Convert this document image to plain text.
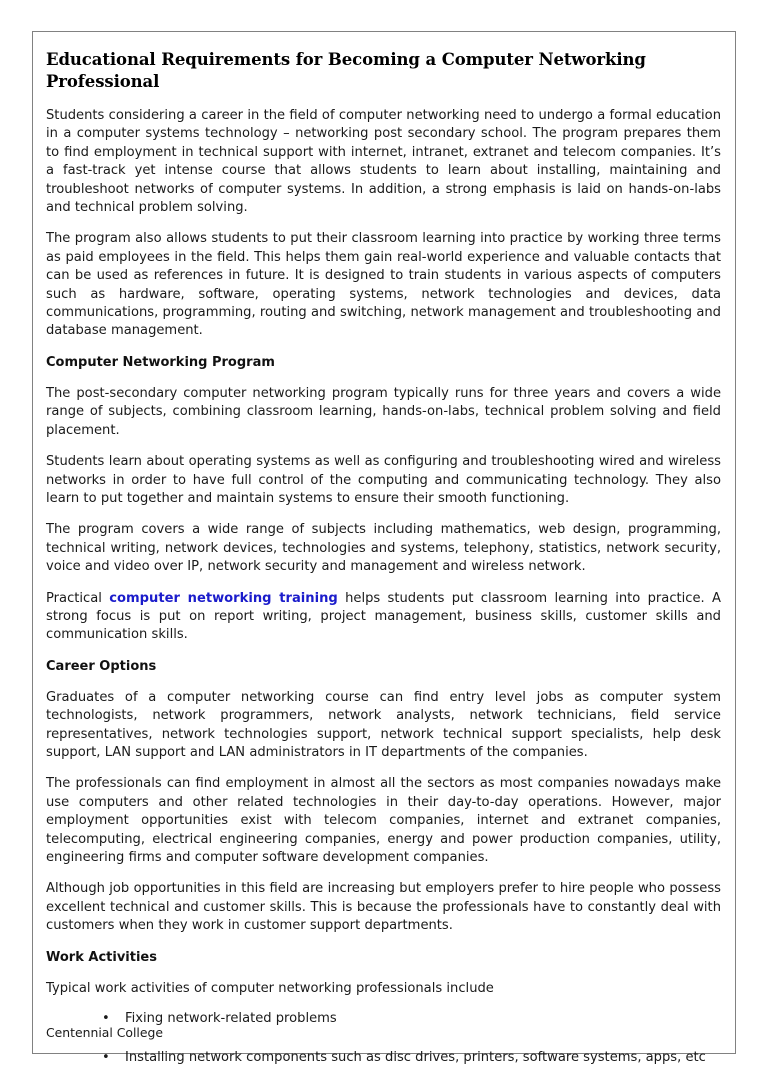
Educational Requirements for Becoming a Computer Networking Professional

Students considering a career in the field of computer networking need to undergo a formal education in a computer systems technology – networking post secondary school. The program prepares them to find employment in technical support with internet, intranet, extranet and telecom companies. It’s a fast-track yet intense course that allows students to learn about installing, maintaining and troubleshoot networks of computer systems. In addition, a strong emphasis is laid on hands-on-labs and technical problem solving.

The program also allows students to put their classroom learning into practice by working three terms as paid employees in the field. This helps them gain real-world experience and valuable contacts that can be used as references in future. It is designed to train students in various aspects of computers such as hardware, software, operating systems, network technologies and devices, data communications, programming, routing and switching, network management and troubleshooting and database management.

Computer Networking Program

The post-secondary computer networking program typically runs for three years and covers a wide range of subjects, combining classroom learning, hands-on-labs, technical problem solving and field placement.

Students learn about operating systems as well as configuring and troubleshooting wired and wireless networks in order to have full control of the computing and communicating technology. They also learn to put together and maintain systems to ensure their smooth functioning.

The program covers a wide range of subjects including mathematics, web design, programming, technical writing, network devices, technologies and systems, telephony, statistics, network security, voice and video over IP, network security and management and wireless network.

Practical computer networking training helps students put classroom learning into practice. A strong focus is put on report writing, project management, business skills, customer skills and communication skills.

Career Options

Graduates of a computer networking course can find entry level jobs as computer system technologists, network programmers, network analysts, network technicians, field service representatives, network technologies support, network technical support specialists, help desk support, LAN support and LAN administrators in IT departments of the companies.

The professionals can find employment in almost all the sectors as most companies nowadays make use computers and other related technologies in their day-to-day operations. However, major employment opportunities exist with telecom companies, internet and extranet companies, telecomputing, electrical engineering companies, energy and power production companies, utility, engineering firms and computer software development companies.

Although job opportunities in this field are increasing but employers prefer to hire people who possess excellent technical and customer skills. This is because the professionals have to constantly deal with customers when they work in customer support departments.

Work Activities

Typical work activities of computer networking professionals include

• Fixing network-related problems
• Installing network components such as disc drives, printers, software systems, apps, etc
Centennial College
